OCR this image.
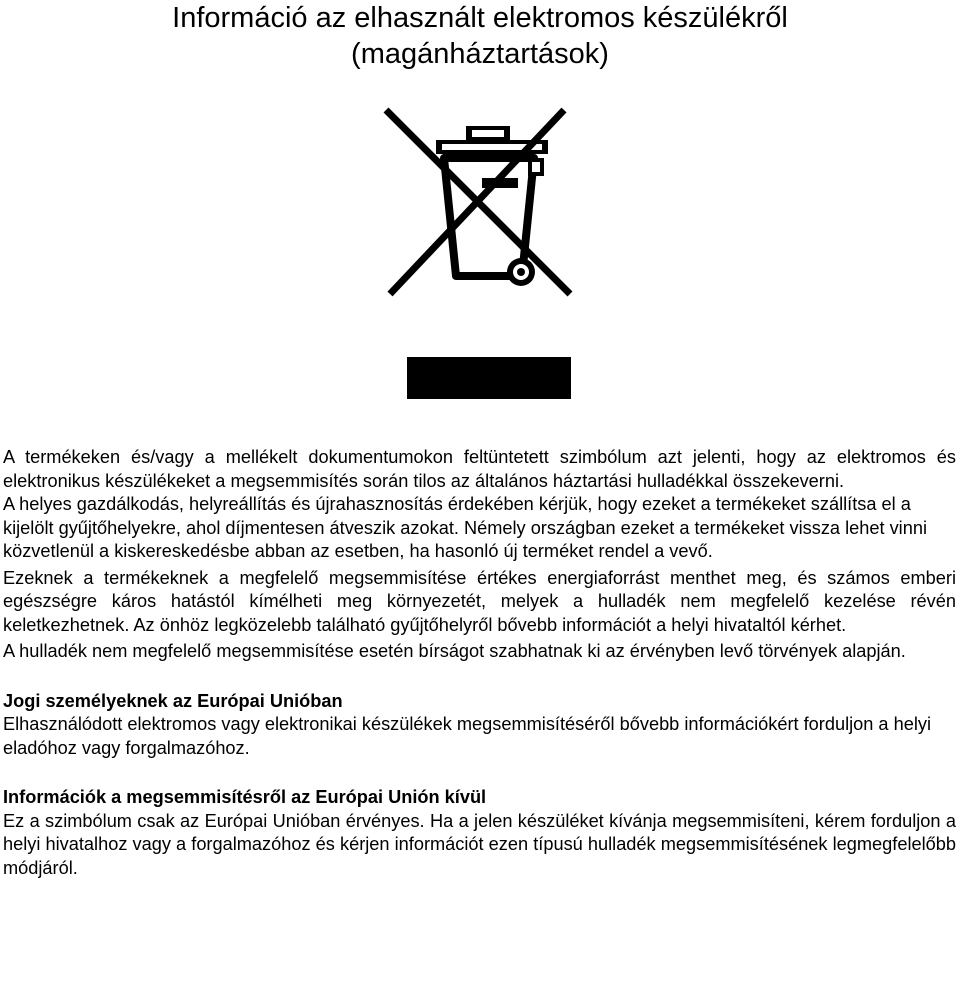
Információ az elhasznált elektromos készülékről
(magánháztartások)

A termékeken és/vagy a mellékelt dokumentumokon feltüntetett szimbólum azt jelenti, hogy az elektromos és elektronikus készülékeket a megsemmisítés során tilos az általános háztartási hulladékkal összekeverni.

A helyes gazdálkodás, helyreállítás és újrahasznosítás érdekében kérjük, hogy ezeket a termékeket szállítsa el a kijelölt gyűjtőhelyekre, ahol díjmentesen átveszik azokat. Némely országban ezeket a termékeket vissza lehet vinni közvetlenül a kiskereskedésbe abban az esetben, ha hasonló új terméket rendel a vevő.

Ezeknek a termékeknek a megfelelő megsemmisítése értékes energiaforrást menthet meg, és számos emberi egészségre káros hatástól kímélheti meg környezetét, melyek a hulladék nem megfelelő kezelése révén keletkezhetnek. Az önhöz legközelebb található gyűjtőhelyről bővebb információt a helyi hivataltól kérhet.

A hulladék nem megfelelő megsemmisítése esetén bírságot szabhatnak ki az érvényben levő törvények alapján.

Jogi személyeknek az Európai Unióban

Elhasználódott elektromos vagy elektronikai készülékek megsemmisítéséről bővebb információkért forduljon a helyi eladóhoz vagy forgalmazóhoz.

Információk a megsemmisítésről az Európai Unión kívül

Ez a szimbólum csak az Európai Unióban érvényes. Ha a jelen készüléket kívánja megsemmisíteni, kérem forduljon a helyi hivatalhoz vagy a forgalmazóhoz és kérjen információt ezen típusú hulladék megsemmisítésének legmegfelelőbb módjáról.
